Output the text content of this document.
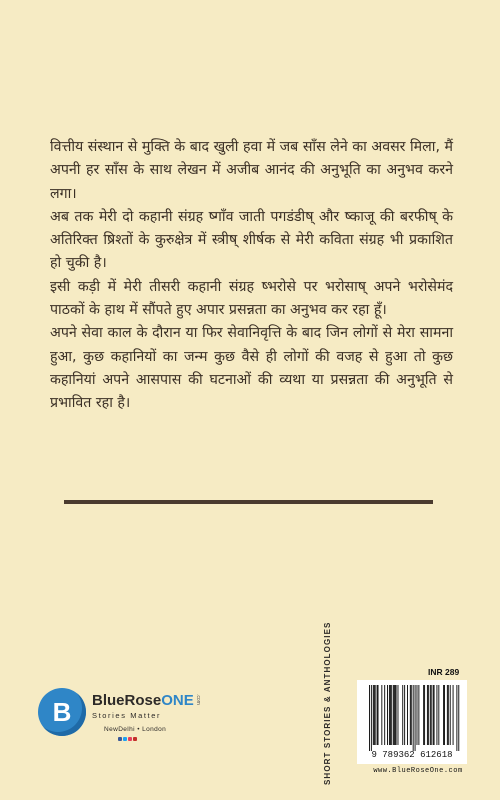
वित्तीय संस्थान से मुक्ति के बाद खुली हवा में जब साँस लेने का अवसर मिला, मैं अपनी हर साँस के साथ लेखन में अजीब आनंद की अनुभूति का अनुभव करने लगा।

अब तक मेरी दो कहानी संग्रह ष्गाँव जाती पगडंडीष् और ष्काजू की बरफीष् के अतिरिक्त ष्रिश्तों के कुरुक्षेत्र में स्त्रीष् शीर्षक से मेरी कविता संग्रह भी प्रकाशित हो चुकी है।

इसी कड़ी में मेरी तीसरी कहानी संग्रह ष्भरोसे पर भरोसाष् अपने भरोसेमंद पाठकों के हाथ में सौंपते हुए अपार प्रसन्नता का अनुभव कर रहा हूँ।

अपने सेवा काल के दौरान या फिर सेवानिवृत्ति के बाद जिन लोगों से मेरा सामना हुआ, कुछ कहानियों का जन्म कुछ वैसे ही लोगों की वजह से हुआ तो कुछ कहानियां अपने आसपास की घटनाओं की व्यथा या प्रसन्नता की अनुभूति से प्रभावित रहा है।

B	BlueRoseONE .com
Stories Matter
NewDelhi • London	SHORT STORIES & ANTHOLOGIES	INR 289
9 789362 612618
www.BlueRoseOne.com
